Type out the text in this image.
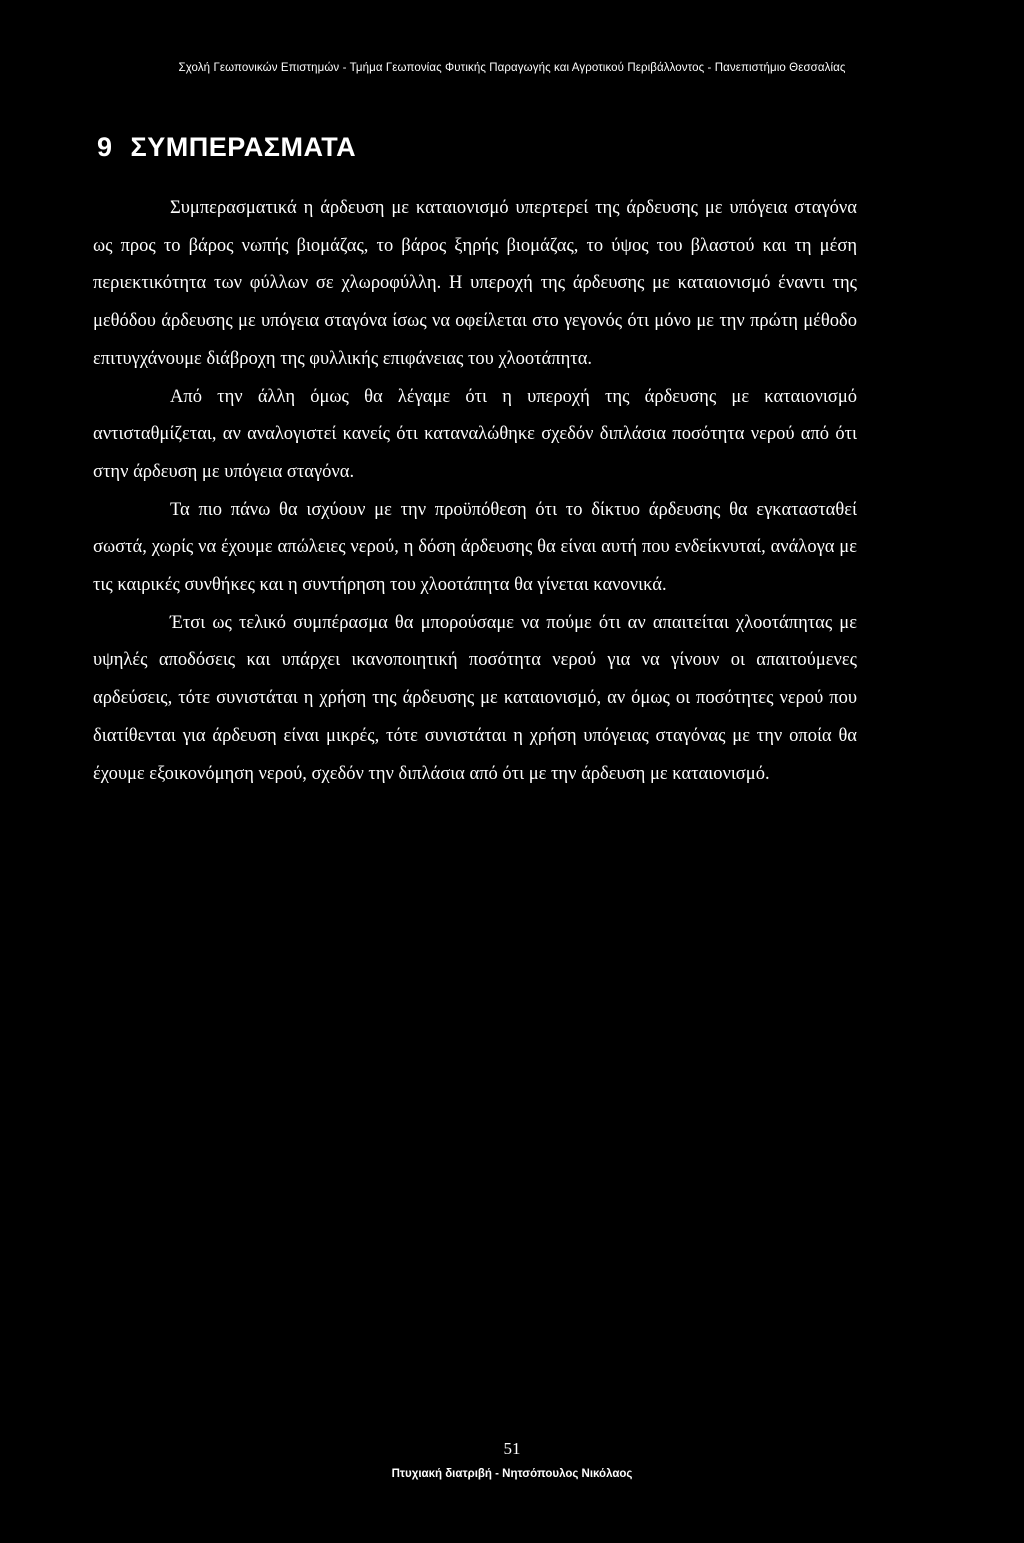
Σχολή Γεωπονικών Επιστημών - Τμήμα Γεωπονίας Φυτικής Παραγωγής και Αγροτικού Περιβάλλοντος - Πανεπιστήμιο Θεσσαλίας
9 ΣΥΜΠΕΡΑΣΜΑΤΑ

Συμπερασματικά η άρδευση με καταιονισμό υπερτερεί της άρδευσης με υπόγεια σταγόνα ως προς το βάρος νωπής βιομάζας, το βάρος ξηρής βιομάζας, το ύψος του βλαστού και τη μέση περιεκτικότητα των φύλλων σε χλωροφύλλη. Η υπεροχή της άρδευσης με καταιονισμό έναντι της μεθόδου άρδευσης με υπόγεια σταγόνα ίσως να οφείλεται στο γεγονός ότι μόνο με την πρώτη μέθοδο επιτυγχάνουμε διάβροχη της φυλλικής επιφάνειας του χλοοτάπητα.

Από την άλλη όμως θα λέγαμε ότι η υπεροχή της άρδευσης με καταιονισμό αντισταθμίζεται, αν αναλογιστεί κανείς ότι καταναλώθηκε σχεδόν διπλάσια ποσότητα νερού από ότι στην άρδευση με υπόγεια σταγόνα.

Τα πιο πάνω θα ισχύουν με την προϋπόθεση ότι το δίκτυο άρδευσης θα εγκατασταθεί σωστά, χωρίς να έχουμε απώλειες νερού, η δόση άρδευσης θα είναι αυτή που ενδείκνυταί, ανάλογα με τις καιρικές συνθήκες και η συντήρηση του χλοοτάπητα θα γίνεται κανονικά.

Έτσι ως τελικό συμπέρασμα θα μπορούσαμε να πούμε ότι αν απαιτείται χλοοτάπητας με υψηλές αποδόσεις και υπάρχει ικανοποιητική ποσότητα νερού για να γίνουν οι απαιτούμενες αρδεύσεις, τότε συνιστάται η χρήση της άρδευσης με καταιονισμό, αν όμως οι ποσότητες νερού που διατίθενται για άρδευση είναι μικρές, τότε συνιστάται η χρήση υπόγειας σταγόνας με την οποία θα έχουμε εξοικονόμηση νερού, σχεδόν την διπλάσια από ότι με την άρδευση με καταιονισμό.

51
Πτυχιακή διατριβή - Νητσόπουλος Νικόλαος
